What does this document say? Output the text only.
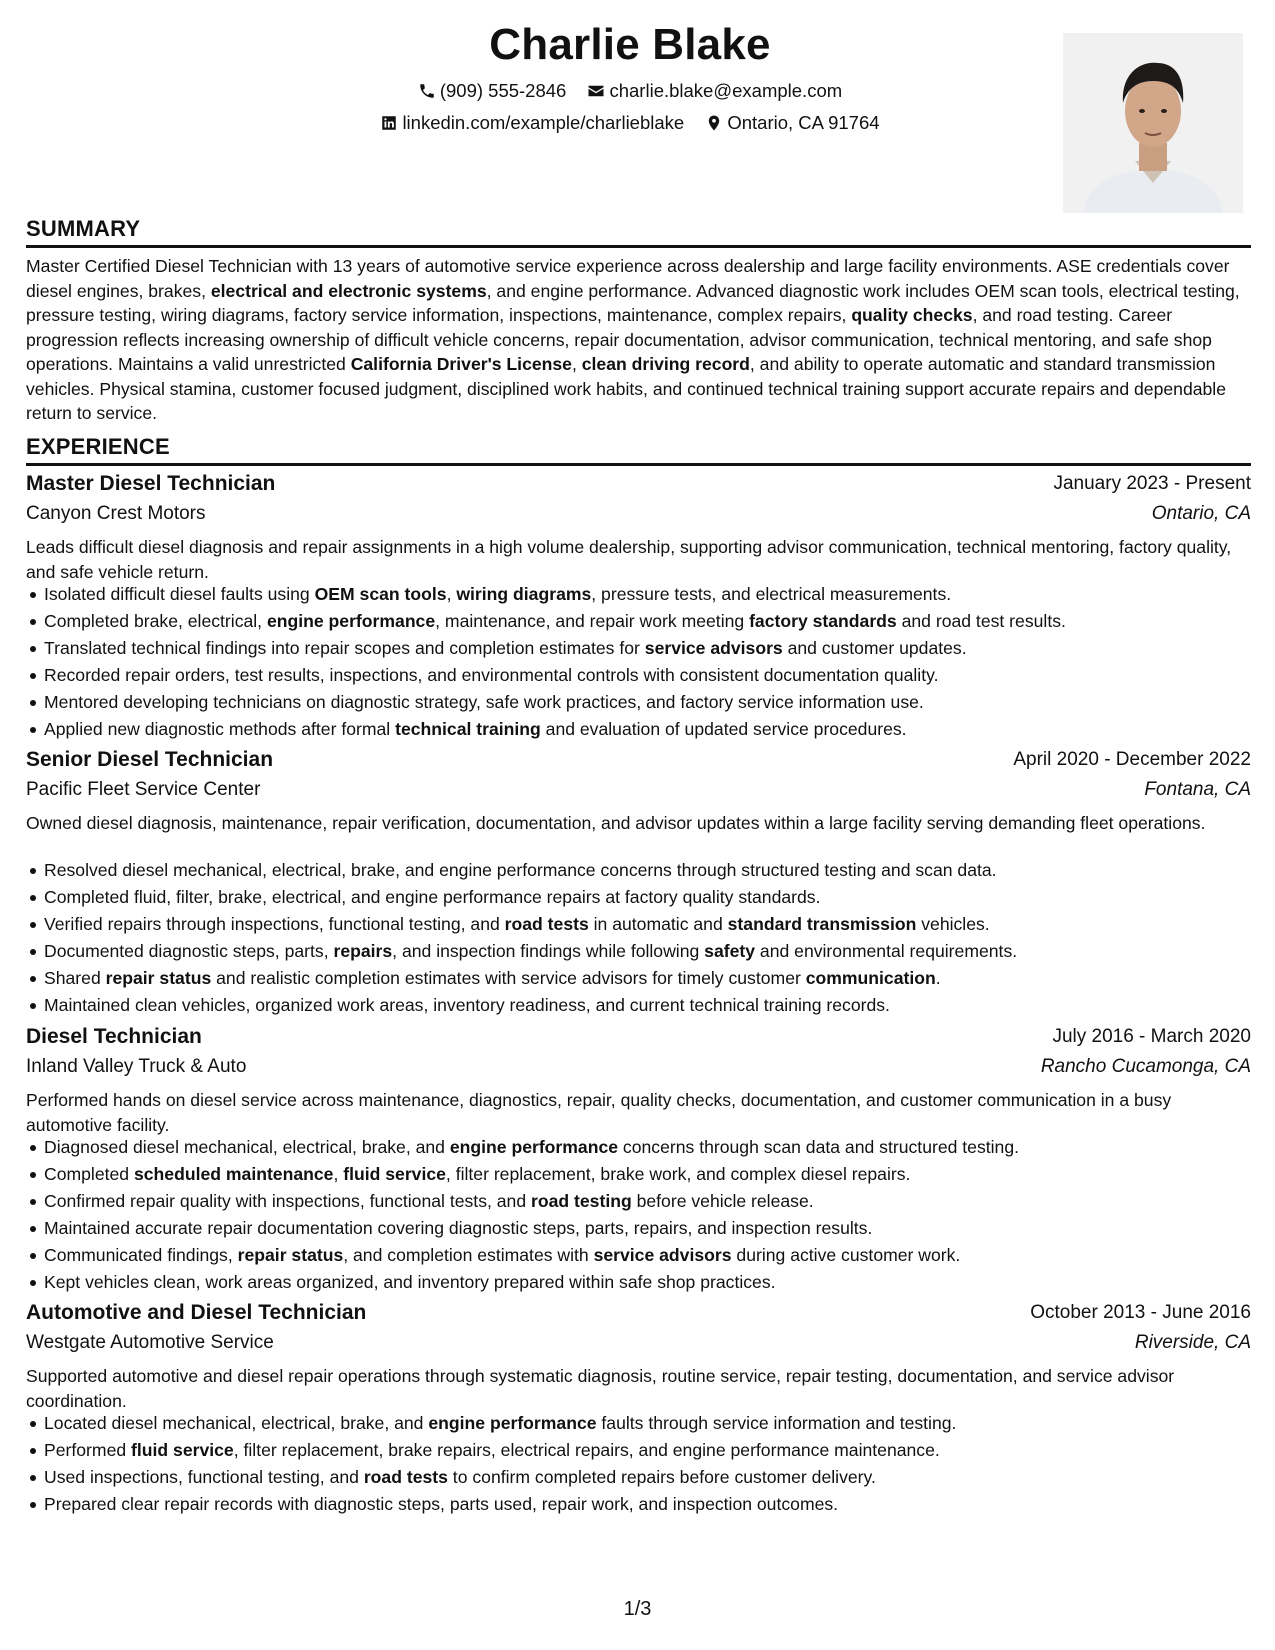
Charlie Blake
(909) 555-2846
charlie.blake@example.com
linkedin.com/example/charlieblake
Ontario, CA 91764
SUMMARY
Master Certified Diesel Technician with 13 years of automotive service experience across dealership and large facility environments. ASE credentials cover diesel engines, brakes, electrical and electronic systems, and engine performance. Advanced diagnostic work includes OEM scan tools, electrical testing, pressure testing, wiring diagrams, factory service information, inspections, maintenance, complex repairs, quality checks, and road testing. Career progression reflects increasing ownership of difficult vehicle concerns, repair documentation, advisor communication, technical mentoring, and safe shop operations. Maintains a valid unrestricted California Driver's License, clean driving record, and ability to operate automatic and standard transmission vehicles. Physical stamina, customer focused judgment, disciplined work habits, and continued technical training support accurate repairs and dependable return to service.
EXPERIENCE
Master Diesel Technician	January 2023 - Present
Canyon Crest Motors	Ontario, CA
Leads difficult diesel diagnosis and repair assignments in a high volume dealership, supporting advisor communication, technical mentoring, factory quality, and safe vehicle return.
Isolated difficult diesel faults using OEM scan tools, wiring diagrams, pressure tests, and electrical measurements.
Completed brake, electrical, engine performance, maintenance, and repair work meeting factory standards and road test results.
Translated technical findings into repair scopes and completion estimates for service advisors and customer updates.
Recorded repair orders, test results, inspections, and environmental controls with consistent documentation quality.
Mentored developing technicians on diagnostic strategy, safe work practices, and factory service information use.
Applied new diagnostic methods after formal technical training and evaluation of updated service procedures.
Senior Diesel Technician	April 2020 - December 2022
Pacific Fleet Service Center	Fontana, CA
Owned diesel diagnosis, maintenance, repair verification, documentation, and advisor updates within a large facility serving demanding fleet operations.
Resolved diesel mechanical, electrical, brake, and engine performance concerns through structured testing and scan data.
Completed fluid, filter, brake, electrical, and engine performance repairs at factory quality standards.
Verified repairs through inspections, functional testing, and road tests in automatic and standard transmission vehicles.
Documented diagnostic steps, parts, repairs, and inspection findings while following safety and environmental requirements.
Shared repair status and realistic completion estimates with service advisors for timely customer communication.
Maintained clean vehicles, organized work areas, inventory readiness, and current technical training records.
Diesel Technician	July 2016 - March 2020
Inland Valley Truck & Auto	Rancho Cucamonga, CA
Performed hands on diesel service across maintenance, diagnostics, repair, quality checks, documentation, and customer communication in a busy automotive facility.
Diagnosed diesel mechanical, electrical, brake, and engine performance concerns through scan data and structured testing.
Completed scheduled maintenance, fluid service, filter replacement, brake work, and complex diesel repairs.
Confirmed repair quality with inspections, functional tests, and road testing before vehicle release.
Maintained accurate repair documentation covering diagnostic steps, parts, repairs, and inspection results.
Communicated findings, repair status, and completion estimates with service advisors during active customer work.
Kept vehicles clean, work areas organized, and inventory prepared within safe shop practices.
Automotive and Diesel Technician	October 2013 - June 2016
Westgate Automotive Service	Riverside, CA
Supported automotive and diesel repair operations through systematic diagnosis, routine service, repair testing, documentation, and service advisor coordination.
Located diesel mechanical, electrical, brake, and engine performance faults through service information and testing.
Performed fluid service, filter replacement, brake repairs, electrical repairs, and engine performance maintenance.
Used inspections, functional testing, and road tests to confirm completed repairs before customer delivery.
Prepared clear repair records with diagnostic steps, parts used, repair work, and inspection outcomes.
1/3
